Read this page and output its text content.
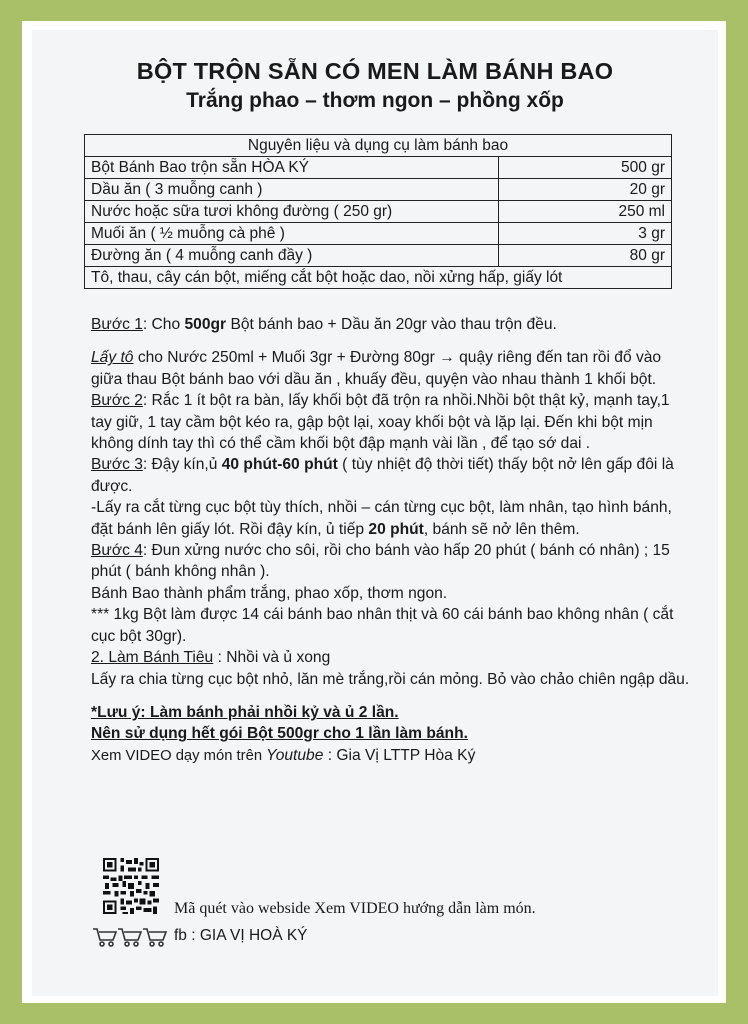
BỘT TRỘN SẴN CÓ MEN LÀM BÁNH BAO
Trắng phao – thơm ngon – phồng xốp
Nguyên liệu và dụng cụ làm bánh bao	
Bột Bánh Bao trộn sẵn HÒA KÝ	500 gr
Dầu ăn ( 3 muỗng canh )	20 gr
Nước hoặc sữa tươi không đường ( 250 gr)	250 ml
Muối ăn ( ½ muỗng cà phê )	3 gr
Đường ăn ( 4 muỗng canh đầy )	80 gr
Tô, thau, cây cán bột, miếng cắt bột hoặc dao, nồi xửng hấp, giấy lót	

Bước 1: Cho 500gr Bột bánh bao + Dầu ăn 20gr vào thau trộn đều.

Lấy tô cho Nước 250ml + Muối 3gr + Đường 80gr → quậy riêng đến tan rồi đổ vào giữa thau Bột bánh bao với dầu ăn , khuấy đều, quyện vào nhau thành 1 khối bột.

Bước 2: Rắc 1 ít bột ra bàn, lấy khối bột đã trộn ra nhồi.Nhồi bột thật kỷ, mạnh tay,1 tay giữ, 1 tay cầm bột kéo ra, gập bột lại, xoay khối bột và lặp lại. Đến khi bột mịn không dính tay thì có thể cầm khối bột đập mạnh vài lần , để tạo sớ dai .

Bước 3: Đậy kín,ủ 40 phút-60 phút ( tùy nhiệt độ thời tiết) thấy bột nở lên gấp đôi là được.

-Lấy ra cắt từng cục bột tùy thích, nhồi – cán từng cục bột, làm nhân, tạo hình bánh, đặt bánh lên giấy lót. Rồi đậy kín, ủ tiếp 20 phút, bánh sẽ nở lên thêm.

Bước 4: Đun xửng nước cho sôi, rồi cho bánh vào hấp 20 phút ( bánh có nhân) ; 15 phút ( bánh không nhân ).

Bánh Bao thành phẩm trắng, phao xốp, thơm ngon.

*** 1kg Bột làm được 14 cái bánh bao nhân thịt và 60 cái bánh bao không nhân ( cắt cục bột 30gr).

2. Làm Bánh Tiêu : Nhồi và ủ xong

Lấy ra chia từng cục bột nhỏ, lăn mè trắng,rồi cán mỏng. Bỏ vào chảo chiên ngập dầu.

*Lưu ý: Làm bánh phải nhồi kỷ và ủ 2 lần.

Nên sử dụng hết gói Bột 500gr cho 1 lần làm bánh.

Xem VIDEO dạy món trên Youtube : Gia Vị LTTP Hòa Ký

Mã quét vào webside Xem VIDEO hướng dẫn làm món.
fb : GIA VỊ HOÀ KÝ
